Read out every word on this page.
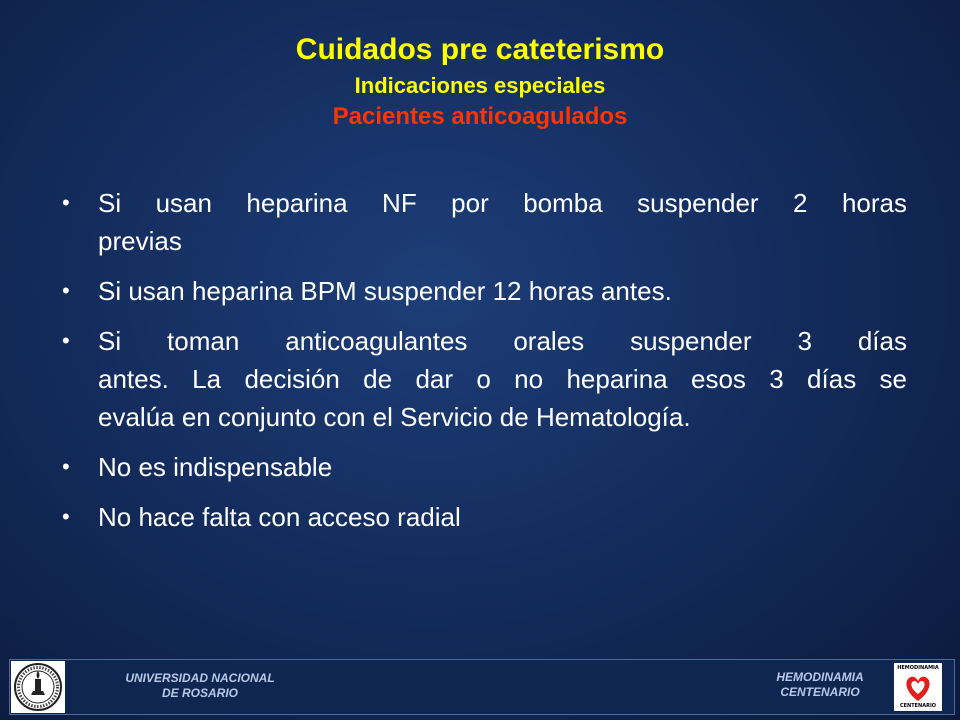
Cuidados pre cateterismo
Indicaciones especiales
Pacientes anticoagulados
• Si usan heparina NF por bomba suspender 2 horas
previas
• Si usan heparina BPM suspender 12 horas antes.
• Si toman anticoagulantes orales suspender 3 días
antes. La decisión de dar o no heparina esos 3 días se
evalúa en conjunto con el Servicio de Hematología.
• No es indispensable
• No hace falta con acceso radial
UNIVERSIDAD NACIONAL
DE ROSARIO
HEMODINAMIA
CENTENARIO
HEMODINAMIA
CENTENARIO
